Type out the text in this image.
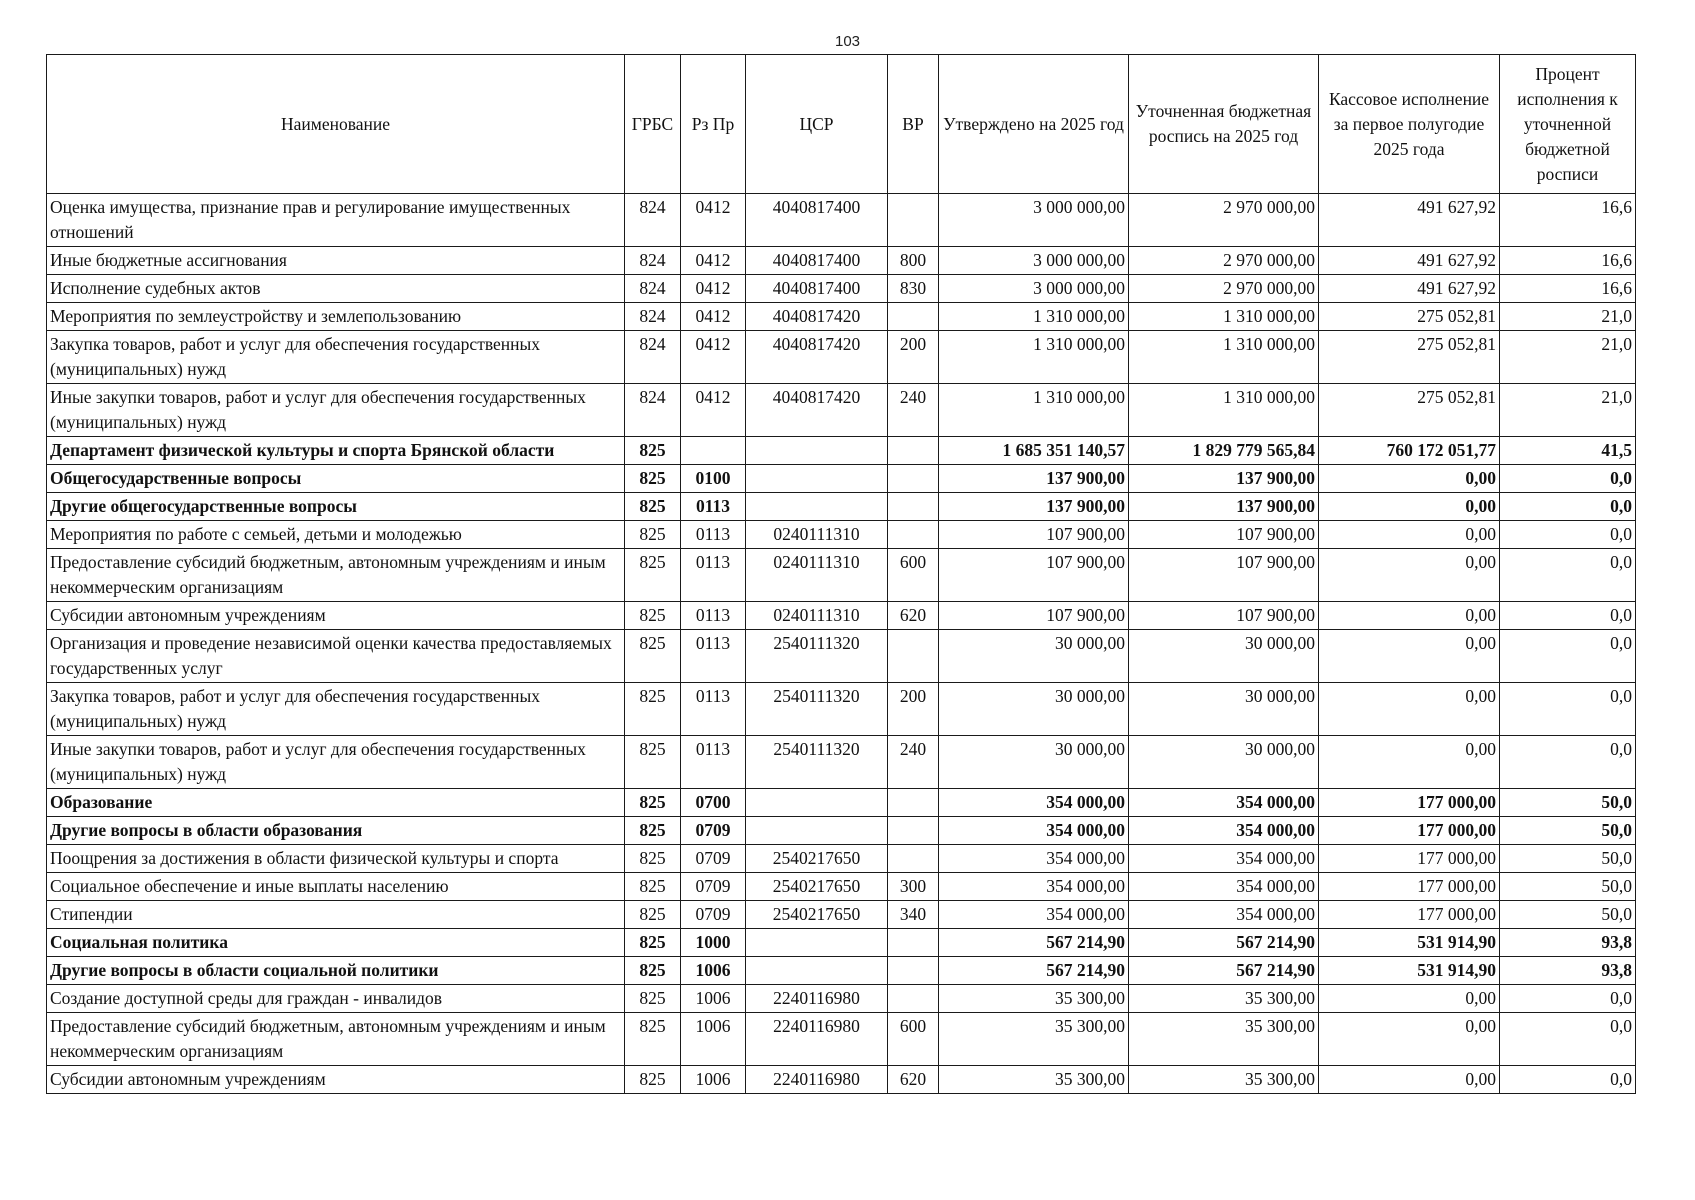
103
Наименование	ГРБС	Рз Пр	ЦСР	ВР	Утверждено на 2025 год	Уточненная бюджетная роспись на 2025 год	Кассовое исполнение за первое полугодие 2025 года	Процент исполнения к уточненной бюджетной росписи
Оценка имущества, признание прав и регулирование имущественных отношений	824	0412	4040817400		3 000 000,00	2 970 000,00	491 627,92	16,6
Иные бюджетные ассигнования	824	0412	4040817400	800	3 000 000,00	2 970 000,00	491 627,92	16,6
Исполнение судебных актов	824	0412	4040817400	830	3 000 000,00	2 970 000,00	491 627,92	16,6
Мероприятия по землеустройству и землепользованию	824	0412	4040817420		1 310 000,00	1 310 000,00	275 052,81	21,0
Закупка товаров, работ и услуг для обеспечения государственных (муниципальных) нужд	824	0412	4040817420	200	1 310 000,00	1 310 000,00	275 052,81	21,0
Иные закупки товаров, работ и услуг для обеспечения государственных (муниципальных) нужд	824	0412	4040817420	240	1 310 000,00	1 310 000,00	275 052,81	21,0
Департамент физической культуры и спорта Брянской области	825				1 685 351 140,57	1 829 779 565,84	760 172 051,77	41,5
Общегосударственные вопросы	825	0100			137 900,00	137 900,00	0,00	0,0
Другие общегосударственные вопросы	825	0113			137 900,00	137 900,00	0,00	0,0
Мероприятия по работе с семьей, детьми и молодежью	825	0113	0240111310		107 900,00	107 900,00	0,00	0,0
Предоставление субсидий бюджетным, автономным учреждениям и иным некоммерческим организациям	825	0113	0240111310	600	107 900,00	107 900,00	0,00	0,0
Субсидии автономным учреждениям	825	0113	0240111310	620	107 900,00	107 900,00	0,00	0,0
Организация и проведение независимой оценки качества предоставляемых государственных услуг	825	0113	2540111320		30 000,00	30 000,00	0,00	0,0
Закупка товаров, работ и услуг для обеспечения государственных (муниципальных) нужд	825	0113	2540111320	200	30 000,00	30 000,00	0,00	0,0
Иные закупки товаров, работ и услуг для обеспечения государственных (муниципальных) нужд	825	0113	2540111320	240	30 000,00	30 000,00	0,00	0,0
Образование	825	0700			354 000,00	354 000,00	177 000,00	50,0
Другие вопросы в области образования	825	0709			354 000,00	354 000,00	177 000,00	50,0
Поощрения за достижения в области физической культуры и спорта	825	0709	2540217650		354 000,00	354 000,00	177 000,00	50,0
Социальное обеспечение и иные выплаты населению	825	0709	2540217650	300	354 000,00	354 000,00	177 000,00	50,0
Стипендии	825	0709	2540217650	340	354 000,00	354 000,00	177 000,00	50,0
Социальная политика	825	1000			567 214,90	567 214,90	531 914,90	93,8
Другие вопросы в области социальной политики	825	1006			567 214,90	567 214,90	531 914,90	93,8
Создание доступной среды для граждан - инвалидов	825	1006	2240116980		35 300,00	35 300,00	0,00	0,0
Предоставление субсидий бюджетным, автономным учреждениям и иным некоммерческим организациям	825	1006	2240116980	600	35 300,00	35 300,00	0,00	0,0
Субсидии автономным учреждениям	825	1006	2240116980	620	35 300,00	35 300,00	0,00	0,0
